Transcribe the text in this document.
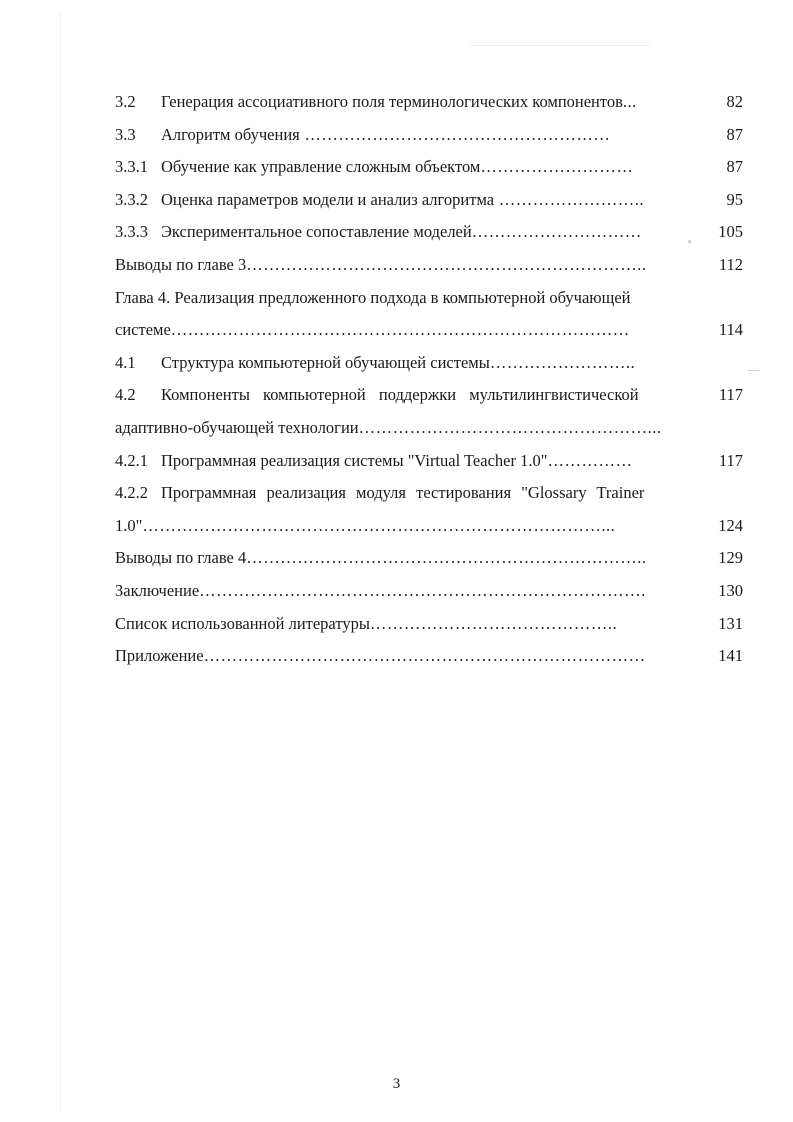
3.2 Генерация ассоциативного поля терминологических компонентов...	82
3.3 Алгоритм обучения ………………………………………………	87
3.3.1 Обучение как управление сложным объектом………………………	87
3.3.2 Оценка параметров модели и анализ алгоритма ……………………..	95
3.3.3 Экспериментальное сопоставление моделей…………………………	105
Выводы по главе 3……………………………………………………………..	112
Глава 4. Реализация предложенного подхода в компьютерной обучающей
системе………………………………………………………………………	114
4.1 Структура компьютерной обучающей системы……………………..
4.2 Компоненты компьютерной поддержки мультилингвистической	117
адаптивно-обучающей технологии……………………………………………...
4.2.1 Программная реализация системы "Virtual Teacher 1.0"……………	117
4.2.2 Программная реализация модуля тестирования "Glossary Trainer
1.0"………………………………………………………………………...	124
Выводы по главе 4……………………………………………………………..	129
Заключение…………………………………………………………………….	130
Список использованной литературы……………………………………..	131
Приложение……………………………………………………………………	141
3
